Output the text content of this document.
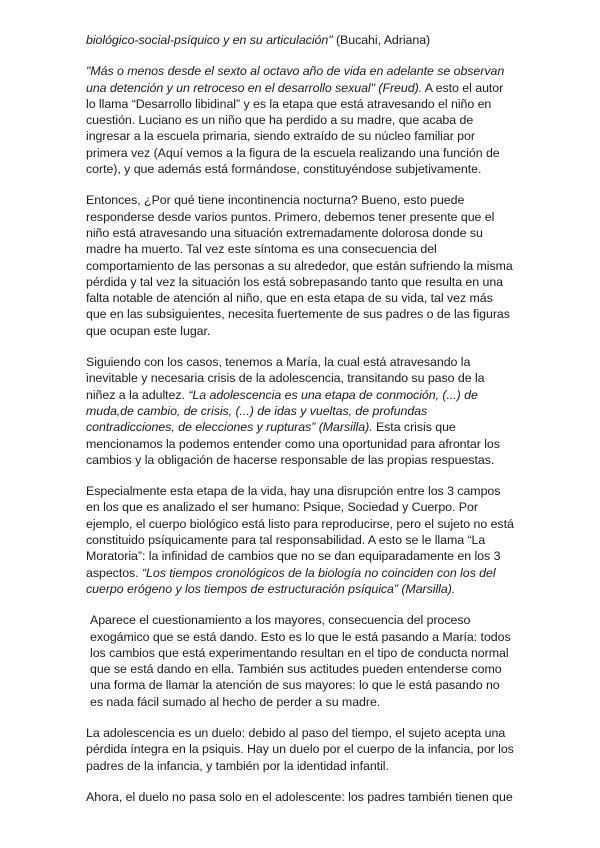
biológico-social-psíquico y en su articulación" (Bucahi, Adriana)

"Más o menos desde el sexto al octavo año de vida en adelante se observan una detención y un retroceso en el desarrollo sexual" (Freud). A esto el autor lo llama “Desarrollo libidinal” y es la etapa que está atravesando el niño en cuestión. Luciano es un niño que ha perdido a su madre, que acaba de ingresar a la escuela primaria, siendo extraído de su núcleo familiar por primera vez (Aquí vemos a la figura de la escuela realizando una función de corte), y que además está formándose, constituyéndose subjetivamente.

Entonces, ¿Por qué tiene incontinencia nocturna? Bueno, esto puede responderse desde varios puntos. Primero, debemos tener presente que el niño está atravesando una situación extremadamente dolorosa donde su madre ha muerto. Tal vez este síntoma es una consecuencia del comportamiento de las personas a su alrededor, que están sufriendo la misma pérdida y tal vez la situación los está sobrepasando tanto que resulta en una falta notable de atención al niño, que en esta etapa de su vida, tal vez más que en las subsiguientes, necesita fuertemente de sus padres o de las figuras que ocupan este lugar.

Siguiendo con los casos, tenemos a María, la cual está atravesando la inevitable y necesaria crisis de la adolescencia, transitando su paso de la niñez a la adultez. “La adolescencia es una etapa de conmoción, (...) de muda,de cambio, de crisis, (...) de idas y vueltas, de profundas contradicciones, de elecciones y rupturas” (Marsilla). Esta crisis que mencionamos la podemos entender como una oportunidad para afrontar los cambios y la obligación de hacerse responsable de las propias respuestas.

Especialmente esta etapa de la vida, hay una disrupción entre los 3 campos en los que es analizado el ser humano: Psique, Sociedad y Cuerpo. Por ejemplo, el cuerpo biológico está listo para reproducirse, pero el sujeto no está constituido psíquicamente para tal responsabilidad. A esto se le llama “La Moratoria”: la infinidad de cambios que no se dan equiparadamente en los 3 aspectos. “Los tiempos cronológicos de la biología no coinciden con los del cuerpo erógeno y los tiempos de estructuración psíquica” (Marsilla).

Aparece el cuestionamiento a los mayores, consecuencia del proceso exogámico que se está dando. Esto es lo que le está pasando a María: todos los cambios que está experimentando resultan en el tipo de conducta normal que se está dando en ella. También sus actitudes pueden entenderse como una forma de llamar la atención de sus mayores: lo que le está pasando no es nada fácil sumado al hecho de perder a su madre.

La adolescencia es un duelo: debido al paso del tiempo, el sujeto acepta una pérdida íntegra en la psiquis. Hay un duelo por el cuerpo de la infancia, por los padres de la infancia, y también por la identidad infantil.

Ahora, el duelo no pasa solo en el adolescente: los padres también tienen que
